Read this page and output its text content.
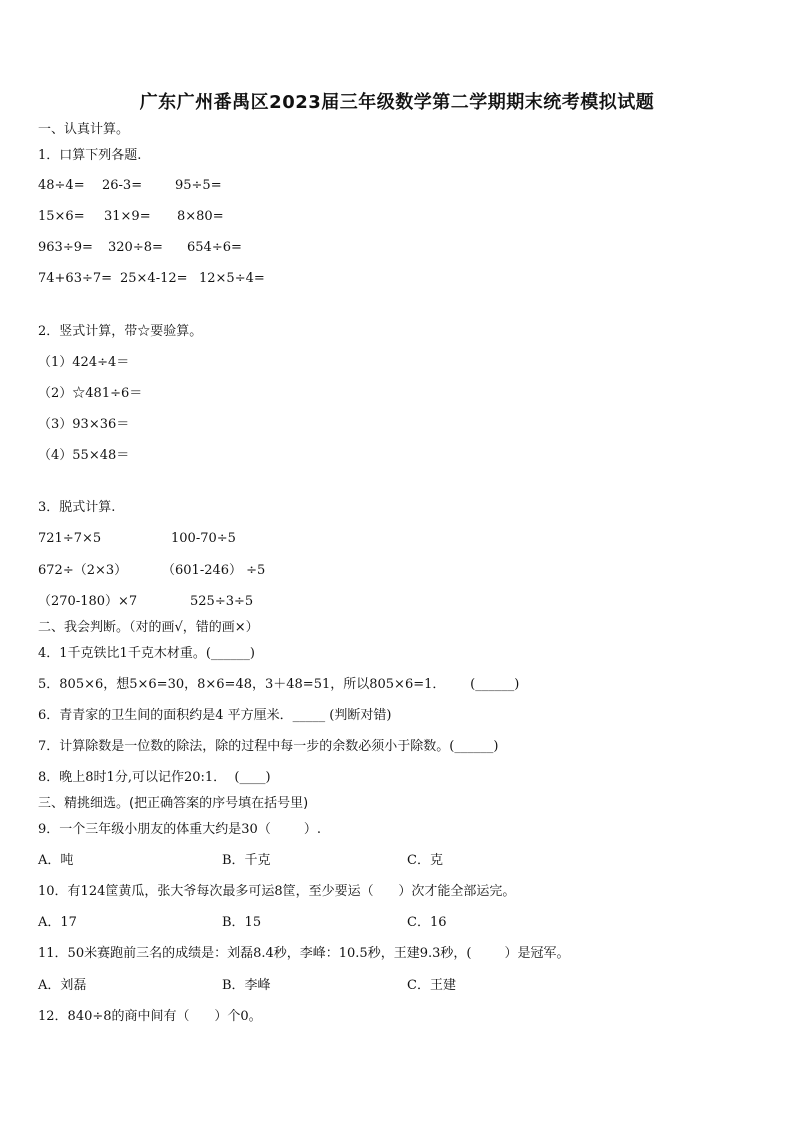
广东广州番禺区2023届三年级数学第二学期期末统考模拟试题
一、认真计算。
1．口算下列各题.
48÷4= 26-3=	95÷5=
15×6= 31×9= 8×80=
963÷9= 320÷8= 654÷6=
74+63÷7= 25×4-12= 12×5÷4=
2．竖式计算，带☆要验算。
（1）424÷4＝
（2）☆481÷6＝
（3）93×36＝
（4）55×48＝
3．脱式计算.
721÷7×5	100-70÷5
672÷（2×3）	（601-246） ÷5
（270-180）×7	525÷3÷5
二、我会判断。（对的画√，错的画×）
4．1千克铁比1千克木材重。(______)
5．805×6，想5×6=30，8×6=48，3＋48=51，所以805×6=1．      (______)
6．青青家的卫生间的面积约是4 平方厘米．_____ (判断对错)
7．计算除数是一位数的除法，除的过程中每一步的余数必须小于除数。(______)
8．晚上8时1分,可以记作20:1．  (____)
三、精挑细选。(把正确答案的序号填在括号里)
9．一个三年级小朋友的体重大约是30（        ）.
A．吨	B．千克	C．克
10．有124筐黄瓜，张大爷每次最多可运8筐，至少要运（      ）次才能全部运完。
A．17	B．15	C．16
11．50米赛跑前三名的成绩是：刘磊8.4秒，李峰：10.5秒，王建9.3秒，(        ）是冠军。
A．刘磊	B．李峰	C．王建
12．840÷8的商中间有（      ）个0。
